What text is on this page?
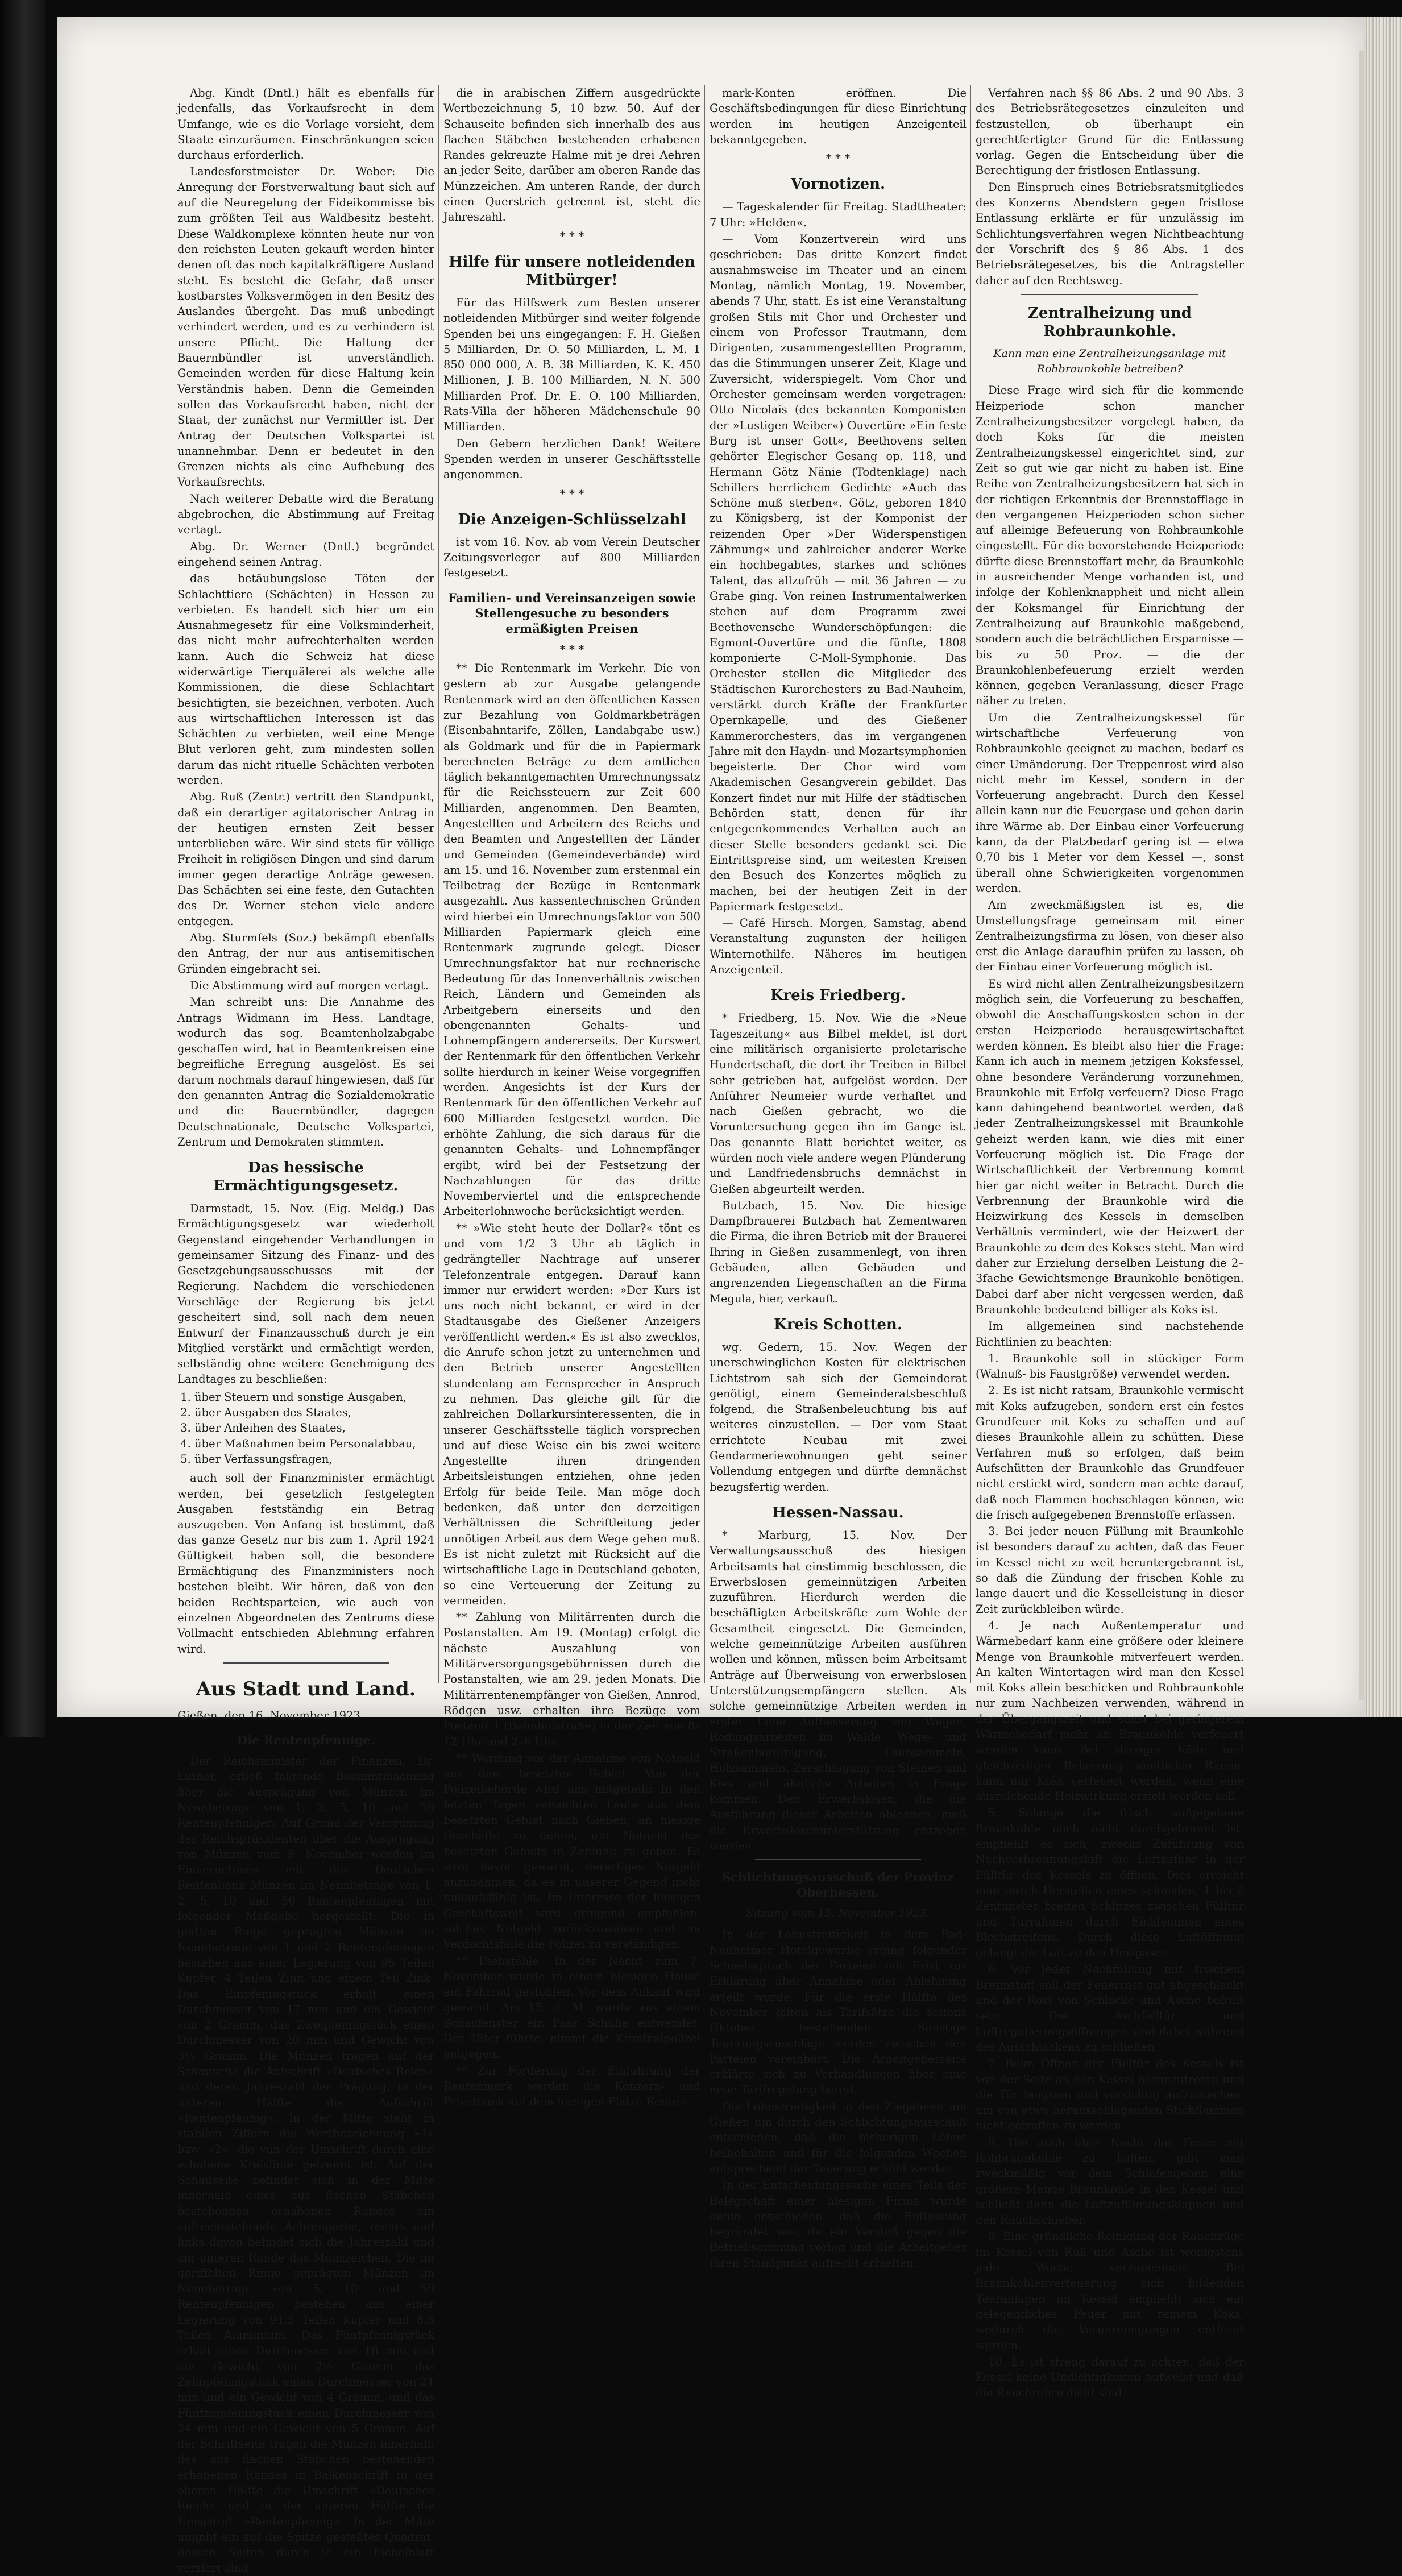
Abg. Kindt (Dntl.) hält es ebenfalls für jedenfalls, das Vorkaufsrecht in dem Umfange, wie es die Vorlage vorsieht, dem Staate einzuräumen. Einschränkungen seien durchaus erforderlich.

Landesforstmeister Dr. Weber: Die Anregung der Forstverwaltung baut sich auf auf die Neuregelung der Fideikommisse bis zum größten Teil aus Waldbesitz besteht. Diese Waldkomplexe könnten heute nur von den reichsten Leuten gekauft werden hinter denen oft das noch kapitalkräftigere Ausland steht. Es besteht die Gefahr, daß unser kostbarstes Volksvermögen in den Besitz des Auslandes übergeht. Das muß unbedingt verhindert werden, und es zu verhindern ist unsere Pflicht. Die Haltung der Bauernbündler ist unverständlich. Gemeinden werden für diese Haltung kein Verständnis haben. Denn die Gemeinden sollen das Vorkaufsrecht haben, nicht der Staat, der zunächst nur Vermittler ist. Der Antrag der Deutschen Volkspartei ist unannehmbar. Denn er bedeutet in den Grenzen nichts als eine Aufhebung des Vorkaufsrechts.

Nach weiterer Debatte wird die Beratung abgebrochen, die Abstimmung auf Freitag vertagt.

Abg. Dr. Werner (Dntl.) begründet eingehend seinen Antrag.

das betäubungslose Töten der Schlachttiere (Schächten) in Hessen zu verbieten. Es handelt sich hier um ein Ausnahmegesetz für eine Volksminderheit, das nicht mehr aufrechterhalten werden kann. Auch die Schweiz hat diese widerwärtige Tierquälerei als welche alle Kommissionen, die diese Schlachtart besichtigten, sie bezeichnen, verboten. Auch aus wirtschaftlichen Interessen ist das Schächten zu verbieten, weil eine Menge Blut verloren geht, zum mindesten sollen darum das nicht rituelle Schächten verboten werden.

Abg. Ruß (Zentr.) vertritt den Standpunkt, daß ein derartiger agitatorischer Antrag in der heutigen ernsten Zeit besser unterblieben wäre. Wir sind stets für völlige Freiheit in religiösen Dingen und sind darum immer gegen derartige Anträge gewesen. Das Schächten sei eine feste, den Gutachten des Dr. Werner stehen viele andere entgegen.

Abg. Sturmfels (Soz.) bekämpft ebenfalls den Antrag, der nur aus antisemitischen Gründen eingebracht sei.

Die Abstimmung wird auf morgen vertagt.

Man schreibt uns: Die Annahme des Antrags Widmann im Hess. Landtage, wodurch das sog. Beamtenholzabgabe geschaffen wird, hat in Beamtenkreisen eine begreifliche Erregung ausgelöst. Es sei darum nochmals darauf hingewiesen, daß für den genannten Antrag die Sozialdemokratie und die Bauernbündler, dagegen Deutschnationale, Deutsche Volkspartei, Zentrum und Demokraten stimmten.

Das hessische Ermächtigungsgesetz.

Darmstadt, 15. Nov. (Eig. Meldg.) Das Ermächtigungsgesetz war wiederholt Gegenstand eingehender Verhandlungen in gemeinsamer Sitzung des Finanz- und des Gesetzgebungsausschusses mit der Regierung. Nachdem die verschiedenen Vorschläge der Regierung bis jetzt gescheitert sind, soll nach dem neuen Entwurf der Finanzausschuß durch je ein Mitglied verstärkt und ermächtigt werden, selbständig ohne weitere Genehmigung des Landtages zu beschließen:

1. über Steuern und sonstige Ausgaben,
2. über Ausgaben des Staates,
3. über Anleihen des Staates,
4. über Maßnahmen beim Personalabbau,
5. über Verfassungsfragen,

auch soll der Finanzminister ermächtigt werden, bei gesetzlich festgelegten Ausgaben festständig ein Betrag auszugeben. Von Anfang ist bestimmt, daß das ganze Gesetz nur bis zum 1. April 1924 Gültigkeit haben soll, die besondere Ermächtigung des Finanzministers noch bestehen bleibt. Wir hören, daß von den beiden Rechtsparteien, wie auch von einzelnen Abgeordneten des Zentrums diese Vollmacht entschieden Ablehnung erfahren wird.

Aus Stadt und Land.

Gießen, den 16. November 1923.

Die Rentenpfennige.

Der Reichsminister der Finanzen, Dr. Luther, erließ folgende Bekanntmachung über die Ausprägung von Münzen im Nennbetrage von 1, 2, 5, 10 und 50 Rentenpfennigen: Auf Grund der Verordnung des Reichspräsidenten über die Ausprägung von Münzen vom 8. November werden im Einvernehmen mit der Deutschen Rentenbank Münzen im Nennbetrage von 1, 2, 5, 10 und 50 Rentenpfennigen mit folgender Maßgabe hergestellt: Die in glatten Ringe geprägten Münzen im Nennbetrage von 1 und 2 Rentenpfennigen bestehen aus einer Legierung von 95 Teilen Kupfer, 4 Teilen Zinn und einem Teil Zink. Das Einpfennigstück erhält einen Durchmesser von 17 mm und ein Gewicht von 2 Gramm, das Zweipfennigstück einen Durchmesser von 20 mm und Gewicht von 3½ Gramm. Die Münzen tragen auf der Schauseite die Aufschrift »Deutsches Reich« und deren Jahreszahl der Prägung, in der unteren Hälfte die Aufschrift »Rentenpfennig«. In der Mitte steht in stabilen Ziffern die Wertbezeichnung »1« bzw. »2«, die von der Umschrift durch eine erhabene Kreislinie getrennt ist. Auf der Schauseite befindet sich in der Mitte innerhalb eines aus flachen Stäbchen bestehenden erhabenen Randes ein aufrechtstehende Aehrengarbe, rechts und links davon befindet sich die Jahreszahl und am unteren Rande das Münzzeichen. Die im geriffelten Ringe geprägten Münzen im Nennbetrage von 5, 10 und 50 Rentenpfennigen bestehen aus einer Legierung von 91,5 Teilen Kupfer und 8,5 Teilen Aluminium. Das Fünfpfennigstück erhält einen Durchmesser von 18 mm und ein Gewicht von 2½ Gramm, das Zehnpfennigstück einen Durchmesser von 21 mm und ein Gewicht von 4 Gramm, und das Fünfzigpfennigstück einen Durchmesser von 24 mm und ein Gewicht von 5 Gramm. Auf der Schriftseite tragen die Münzen innerhalb des aus flachen Stäbchen bestehenden erhabenen Randes in Balkenschrift in der oberen Hälfte die Umschrift »Deutsches Reich« und in der unteren Hälfte die Umschrift »Rentenpfennig«. In der Mitte umgibt ein auf die Spitze gestelltes Quadrat, dessen Seiten durch je ein Eichelblatt verziert sind.

die in arabischen Ziffern ausgedrückte Wertbezeichnung 5, 10 bzw. 50. Auf der Schauseite befinden sich innerhalb des aus flachen Stäbchen bestehenden erhabenen Randes gekreuzte Halme mit je drei Aehren an jeder Seite, darüber am oberen Rande das Münzzeichen. Am unteren Rande, der durch einen Querstrich getrennt ist, steht die Jahreszahl.

* * *
Hilfe für unsere notleidenden Mitbürger!

Für das Hilfswerk zum Besten unserer notleidenden Mitbürger sind weiter folgende Spenden bei uns eingegangen: F. H. Gießen 5 Milliarden, Dr. O. 50 Milliarden, L. M. 1 850 000 000, A. B. 38 Milliarden, K. K. 450 Millionen, J. B. 100 Milliarden, N. N. 500 Milliarden Prof. Dr. E. O. 100 Milliarden, Rats-Villa der höheren Mädchenschule 90 Milliarden.

Den Gebern herzlichen Dank! Weitere Spenden werden in unserer Geschäftsstelle angenommen.

* * *
Die Anzeigen-Schlüsselzahl

ist vom 16. Nov. ab vom Verein Deutscher Zeitungsverleger auf 800 Milliarden festgesetzt.

Familien- und Vereinsanzeigen sowie Stellengesuche zu besonders ermäßigten Preisen
* * *

** Die Rentenmark im Verkehr. Die von gestern ab zur Ausgabe gelangende Rentenmark wird an den öffentlichen Kassen zur Bezahlung von Goldmarkbeträgen (Eisenbahntarife, Zöllen, Landabgabe usw.) als Goldmark und für die in Papiermark berechneten Beträge zu dem amtlichen täglich bekanntgemachten Umrechnungssatz für die Reichssteuern zur Zeit 600 Milliarden, angenommen. Den Beamten, Angestellten und Arbeitern des Reichs und den Beamten und Angestellten der Länder und Gemeinden (Gemeindeverbände) wird am 15. und 16. November zum erstenmal ein Teilbetrag der Bezüge in Rentenmark ausgezahlt. Aus kassentechnischen Gründen wird hierbei ein Umrechnungsfaktor von 500 Milliarden Papiermark gleich eine Rentenmark zugrunde gelegt. Dieser Umrechnungsfaktor hat nur rechnerische Bedeutung für das Innenverhältnis zwischen Reich, Ländern und Gemeinden als Arbeitgebern einerseits und den obengenannten Gehalts- und Lohnempfängern andererseits. Der Kurswert der Rentenmark für den öffentlichen Verkehr sollte hierdurch in keiner Weise vorgegriffen werden. Angesichts ist der Kurs der Rentenmark für den öffentlichen Verkehr auf 600 Milliarden festgesetzt worden. Die erhöhte Zahlung, die sich daraus für die genannten Gehalts- und Lohnempfänger ergibt, wird bei der Festsetzung der Nachzahlungen für das dritte Novemberviertel und die entsprechende Arbeiterlohnwoche berücksichtigt werden.

** »Wie steht heute der Dollar?« tönt es und vom 1/2 3 Uhr ab täglich in gedrängteller Nachtrage auf unserer Telefonzentrale entgegen. Darauf kann immer nur erwidert werden: »Der Kurs ist uns noch nicht bekannt, er wird in der Stadtausgabe des Gießener Anzeigers veröffentlicht werden.« Es ist also zwecklos, die Anrufe schon jetzt zu unternehmen und den Betrieb unserer Angestellten stundenlang am Fernsprecher in Anspruch zu nehmen. Das gleiche gilt für die zahlreichen Dollarkursinteressenten, die in unserer Geschäftsstelle täglich vorsprechen und auf diese Weise ein bis zwei weitere Angestellte ihren dringenden Arbeitsleistungen entziehen, ohne jeden Erfolg für beide Teile. Man möge doch bedenken, daß unter den derzeitigen Verhältnissen die Schriftleitung jeder unnötigen Arbeit aus dem Wege gehen muß. Es ist nicht zuletzt mit Rücksicht auf die wirtschaftliche Lage in Deutschland geboten, so eine Verteuerung der Zeitung zu vermeiden.

** Zahlung von Militärrenten durch die Postanstalten. Am 19. (Montag) erfolgt die nächste Auszahlung von Militärversorgungsgebührnissen durch die Postanstalten, wie am 29. jeden Monats. Die Militärrentenempfänger von Gießen, Annrod, Rödgen usw. erhalten ihre Bezüge vom Postamt 1 (Bahnhofstraße) in der Zeit von 8–12 Uhr und 2–6 Uhr.

** Warnung vor der Annahme von Notgeld aus dem besetzten Gebiet. Von der Polizeibehörde wird uns mitgeteilt: In den letzten Tagen versuchten Leute aus dem besetzten Gebiet nach Gießen, an hiesige Geschäfte zu gehen, um Notgeld des besetzten Gebiets in Zahlung zu geben. Es wird davor gewarnt, derartiges Notgeld anzunehmen, da es in unserer Gegend nicht umlaufsfähig ist. Im Interesse der hiesigen Geschäftswelt wird dringend empfohlen, solches Notgeld zurückzuweisen und im Verdachtsfalle die Polizei zu verständigen.

** Diebstähle. In der Nacht zum 7. November wurde in einem hiesigen Hause ein Fahrrad gestohlen. Vor dem Ankauf wird gewarnt. Am 15. d. M. wurde aus einem Schaufenster ein Paar Schuhe entwendet. Der Täter führte, nimmt die Kriminalpolizei entgegen.

** Zur Förderung der Einführung der Rentenmark werden die Konzern- und Privatbank auf dem hiesigen Platze Renten-

mark-Konten eröffnen. Die Geschäftsbedingungen für diese Einrichtung werden im heutigen Anzeigenteil bekanntgegeben.

* * *
Vornotizen.

— Tageskalender für Freitag. Stadttheater: 7 Uhr: »Helden«.

— Vom Konzertverein wird uns geschrieben: Das dritte Konzert findet ausnahmsweise im Theater und an einem Montag, nämlich Montag, 19. November, abends 7 Uhr, statt. Es ist eine Veranstaltung großen Stils mit Chor und Orchester und einem von Professor Trautmann, dem Dirigenten, zusammengestellten Programm, das die Stimmungen unserer Zeit, Klage und Zuversicht, widerspiegelt. Vom Chor und Orchester gemeinsam werden vorgetragen: Otto Nicolais (des bekannten Komponisten der »Lustigen Weiber«) Ouvertüre »Ein feste Burg ist unser Gott«, Beethovens selten gehörter Elegischer Gesang op. 118, und Hermann Götz Nänie (Todtenklage) nach Schillers herrlichem Gedichte »Auch das Schöne muß sterben«. Götz, geboren 1840 zu Königsberg, ist der Komponist der reizenden Oper »Der Widerspenstigen Zähmung« und zahlreicher anderer Werke ein hochbegabtes, starkes und schönes Talent, das allzufrüh — mit 36 Jahren — zu Grabe ging. Von reinen Instrumentalwerken stehen auf dem Programm zwei Beethovensche Wunderschöpfungen: die Egmont-Ouvertüre und die fünfte, 1808 komponierte C-Moll-Symphonie. Das Orchester stellen die Mitglieder des Städtischen Kurorchesters zu Bad-Nauheim, verstärkt durch Kräfte der Frankfurter Opernkapelle, und des Gießener Kammerorchesters, das im vergangenen Jahre mit den Haydn- und Mozartsymphonien begeisterte. Der Chor wird vom Akademischen Gesangverein gebildet. Das Konzert findet nur mit Hilfe der städtischen Behörden statt, denen für ihr entgegenkommendes Verhalten auch an dieser Stelle besonders gedankt sei. Die Eintrittspreise sind, um weitesten Kreisen den Besuch des Konzertes möglich zu machen, bei der heutigen Zeit in der Papiermark festgesetzt.

— Café Hirsch. Morgen, Samstag, abend Veranstaltung zugunsten der heiligen Winternothilfe. Näheres im heutigen Anzeigenteil.

Kreis Friedberg.

* Friedberg, 15. Nov. Wie die »Neue Tageszeitung« aus Bilbel meldet, ist dort eine militärisch organisierte proletarische Hundertschaft, die dort ihr Treiben in Bilbel sehr getrieben hat, aufgelöst worden. Der Anführer Neumeier wurde verhaftet und nach Gießen gebracht, wo die Voruntersuchung gegen ihn im Gange ist. Das genannte Blatt berichtet weiter, es würden noch viele andere wegen Plünderung und Landfriedensbruchs demnächst in Gießen abgeurteilt werden.

Butzbach, 15. Nov. Die hiesige Dampfbrauerei Butzbach hat Zementwaren die Firma, die ihren Betrieb mit der Brauerei Ihring in Gießen zusammenlegt, von ihren Gebäuden, allen Gebäuden und angrenzenden Liegenschaften an die Firma Megula, hier, verkauft.

Kreis Schotten.

wg. Gedern, 15. Nov. Wegen der unerschwinglichen Kosten für elektrischen Lichtstrom sah sich der Gemeinderat genötigt, einem Gemeinderatsbeschluß folgend, die Straßenbeleuchtung bis auf weiteres einzustellen. — Der vom Staat errichtete Neubau mit zwei Gendarmeriewohnungen geht seiner Vollendung entgegen und dürfte demnächst bezugsfertig werden.

Hessen-Nassau.

* Marburg, 15. Nov. Der Verwaltungsausschuß des hiesigen Arbeitsamts hat einstimmig beschlossen, die Erwerbslosen gemeinnützigen Arbeiten zuzuführen. Hierdurch werden die beschäftigten Arbeitskräfte zum Wohle der Gesamtheit eingesetzt. Die Gemeinden, welche gemeinnützige Arbeiten ausführen wollen und können, müssen beim Arbeitsamt Anträge auf Überweisung von erwerbslosen Unterstützungsempfängern stellen. Als solche gemeinnützige Arbeiten werden in erster Linie Aufbesserung von Wegen, Rodungsarbeiten im Walde, Wege- und Straßenbereinigung, Laubsammeln, Holzsammeln, Zerschlagung von Steinen und Kies und ähnliche Arbeiten in Frage kommen. Den Erwerbslosen, die die Ausführung dieser Arbeiten ablehnen, muß die Erwerbslosenunterstützung entzogen werden.

Schlichtungsausschuß der Provinz Oberhessen.
Sitzung vom 15. November 1923.

In der Lohnstreitigkeit in dem Bad-Nauheimer Hotelgewerbe erging folgender Schiedsspruch der Parteien mit Frist zur Erklärung über Annahme oder Ablehnung erteilt wurde: Für die erste Hälfte des November gilten als Tarifsätze die seitens Oktober bestehenden. Sonstige Teuerungszuschläge werden zwischen den Parteien vereinbart. Die Arbeitgeberseite erklärte sich zu Verhandlungen über eine neue Tarifregelung bereit.

Die Lohnstreitigkeit in den Ziegeleien um Gießen um durch den Schlichtungsausschuß entschieden, daß die bisherigen Löhne beibehalten und für die folgenden Wochen entsprechend der Teuerung erhöht werden.

In der Entscheidungssache eines Teils der Belegschaft einer hiesigen Firma wurde dahin entschieden, daß die Entlassung begründet war, da ein Verstoß gegen die Betriebsordnung vorlag und die Arbeitgeber ihren Standpunkt aufrecht erhielten.

Verfahren nach §§ 86 Abs. 2 und 90 Abs. 3 des Betriebsrätegesetzes einzuleiten und festzustellen, ob überhaupt ein gerechtfertigter Grund für die Entlassung vorlag. Gegen die Entscheidung über die Berechtigung der fristlosen Entlassung.

Den Einspruch eines Betriebsratsmitgliedes des Konzerns Abendstern gegen fristlose Entlassung erklärte er für unzulässig im Schlichtungsverfahren wegen Nichtbeachtung der Vorschrift des § 86 Abs. 1 des Betriebsrätegesetzes, bis die Antragsteller daher auf den Rechtsweg.

Zentralheizung und Rohbraunkohle.
Kann man eine Zentralheizungsanlage mit Rohbraunkohle betreiben?

Diese Frage wird sich für die kommende Heizperiode schon mancher Zentralheizungsbesitzer vorgelegt haben, da doch Koks für die meisten Zentralheizungskessel eingerichtet sind, zur Zeit so gut wie gar nicht zu haben ist. Eine Reihe von Zentralheizungsbesitzern hat sich in der richtigen Erkenntnis der Brennstofflage in den vergangenen Heizperioden schon sicher auf alleinige Befeuerung von Rohbraunkohle eingestellt. Für die bevorstehende Heizperiode dürfte diese Brennstoffart mehr, da Braunkohle in ausreichender Menge vorhanden ist, und infolge der Kohlenknappheit und nicht allein der Koksmangel für Einrichtung der Zentralheizung auf Braunkohle maßgebend, sondern auch die beträchtlichen Ersparnisse — bis zu 50 Proz. — die der Braunkohlenbefeuerung erzielt werden können, gegeben Veranlassung, dieser Frage näher zu treten.

Um die Zentralheizungskessel für wirtschaftliche Verfeuerung von Rohbraunkohle geeignet zu machen, bedarf es einer Umänderung. Der Treppenrost wird also nicht mehr im Kessel, sondern in der Vorfeuerung angebracht. Durch den Kessel allein kann nur die Feuergase und gehen darin ihre Wärme ab. Der Einbau einer Vorfeuerung kann, da der Platzbedarf gering ist — etwa 0,70 bis 1 Meter vor dem Kessel —, sonst überall ohne Schwierigkeiten vorgenommen werden.

Am zweckmäßigsten ist es, die Umstellungsfrage gemeinsam mit einer Zentralheizungsfirma zu lösen, von dieser also erst die Anlage daraufhin prüfen zu lassen, ob der Einbau einer Vorfeuerung möglich ist.

Es wird nicht allen Zentralheizungsbesitzern möglich sein, die Vorfeuerung zu beschaffen, obwohl die Anschaffungskosten schon in der ersten Heizperiode herausgewirtschaftet werden können. Es bleibt also hier die Frage: Kann ich auch in meinem jetzigen Koksfessel, ohne besondere Veränderung vorzunehmen, Braunkohle mit Erfolg verfeuern? Diese Frage kann dahingehend beantwortet werden, daß jeder Zentralheizungskessel mit Braunkohle geheizt werden kann, wie dies mit einer Vorfeuerung möglich ist. Die Frage der Wirtschaftlichkeit der Verbrennung kommt hier gar nicht weiter in Betracht. Durch die Verbrennung der Braunkohle wird die Heizwirkung des Kessels in demselben Verhältnis vermindert, wie der Heizwert der Braunkohle zu dem des Kokses steht. Man wird daher zur Erzielung derselben Leistung die 2–3fache Gewichtsmenge Braunkohle benötigen. Dabei darf aber nicht vergessen werden, daß Braunkohle bedeutend billiger als Koks ist.

Im allgemeinen sind nachstehende Richtlinien zu beachten:

1. Braunkohle soll in stückiger Form (Walnuß- bis Faustgröße) verwendet werden.

2. Es ist nicht ratsam, Braunkohle vermischt mit Koks aufzugeben, sondern erst ein festes Grundfeuer mit Koks zu schaffen und auf dieses Braunkohle allein zu schütten. Diese Verfahren muß so erfolgen, daß beim Aufschütten der Braunkohle das Grundfeuer nicht erstickt wird, sondern man achte darauf, daß noch Flammen hochschlagen können, wie die frisch aufgegebenen Brennstoffe erfassen.

3. Bei jeder neuen Füllung mit Braunkohle ist besonders darauf zu achten, daß das Feuer im Kessel nicht zu weit heruntergebrannt ist, so daß die Zündung der frischen Kohle zu lange dauert und die Kesselleistung in dieser Zeit zurückbleiben würde.

4. Je nach Außentemperatur und Wärmebedarf kann eine größere oder kleinere Menge von Braunkohle mitverfeuert werden. An kalten Wintertagen wird man den Kessel mit Koks allein beschicken und Rohbraunkohle nur zum Nachheizen verwenden, während in der Übergangszeit und sonst bei geringerem Wärmebedarf mehr an Braunkohle verfeuert werden kann. Bei strenger Kälte und gleichzeitiger Beheizung sämtlicher Räume kann nur Koks verfeuert werden, wenn eine ausreichende Heizwirkung erzielt werden soll.

5. Solange die frisch aufgegebene Braunkohle noch nicht durchgebrannt ist, empfiehlt es sich, zwecks Zuführung von Nachverbrennungsluft die Luftzufuhr in der Fülltür des Kessels zu öffnen. Dies erreicht man durch Herstellen eines schmalen, 1 bis 2 Zentimeter breiten Schlitzes zwischen Fülltür und Türrahmen durch Einklemmen eines Blechstreifens. Durch diese Luftöffnung gelangt die Luft zu den Heizgasen.

6. Vor jeder Nachfüllung mit frischem Brennstoff soll der Feuerrost gut abgeschlackt und der Rost von Schlacke und Asche befreit sein. Die Aschfalltür und Luftregulierungsöffnungen sind dabei während des Ausschlackens zu schließen.

7. Beim Öffnen der Fülltür des Kessels ist von der Seite an den Kessel heranzutreten und die Tür langsam und vorsichtig aufzumachen, um von etwa herausschlagenden Stichflammen nicht getroffen zu werden.

8. Um auch über Nacht das Feuer mit Rohbraunkohle zu halten, gibt man zweckmäßig vor dem Schlafengehen eine größere Menge Braunkohle in den Kessel und schließt dann die Luftzuführungsklappen und den Rauchschieber.

9. Eine gründliche Reinigung der Rauchzüge im Kessel von Ruß und Asche ist wenigstens jede Woche vorzunehmen. Bei Braunkohlenverfeuerung sich bildenden Teeranlagen im Kessel empfiehlt sich ein gelegentliches Feuer mit reinem Koks, wodurch die Verunreinigungen entfernt werden.

10. Es ist streng darauf zu achten, daß der Kessel keine Undichtigkeiten aufweist und daß die Rauchrohre dicht sind.
